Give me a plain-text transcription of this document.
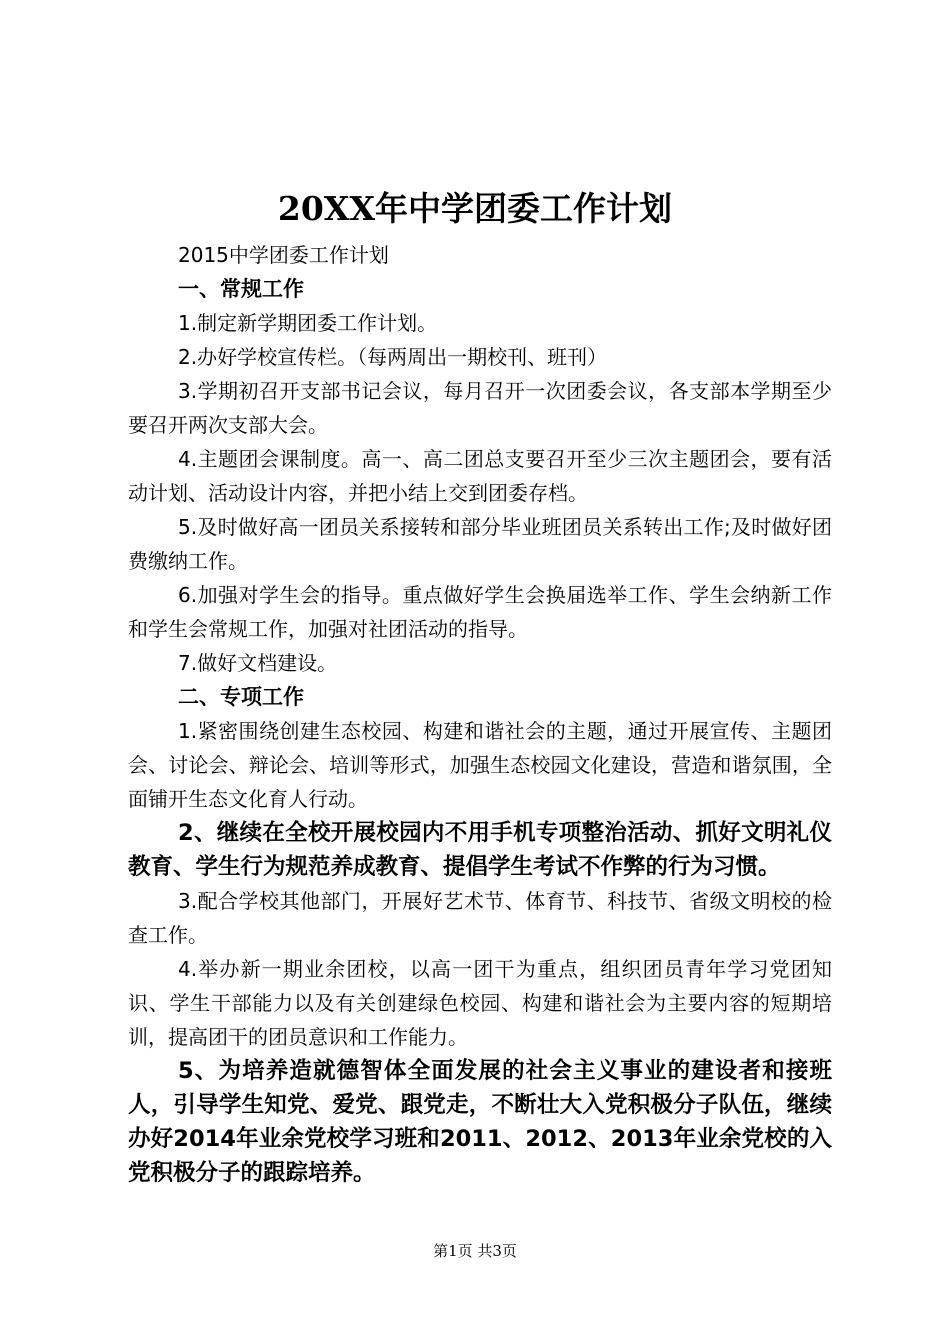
20XX年中学团委工作计划

2015中学团委工作计划

一、常规工作

1.制定新学期团委工作计划。

2.办好学校宣传栏。（每两周出一期校刊、班刊）

3.学期初召开支部书记会议，每月召开一次团委会议，各支部本学期至少要召开两次支部大会。

4.主题团会课制度。高一、高二团总支要召开至少三次主题团会，要有活动计划、活动设计内容，并把小结上交到团委存档。

5.及时做好高一团员关系接转和部分毕业班团员关系转出工作;及时做好团费缴纳工作。

6.加强对学生会的指导。重点做好学生会换届选举工作、学生会纳新工作和学生会常规工作，加强对社团活动的指导。

7.做好文档建设。

二、专项工作

1.紧密围绕创建生态校园、构建和谐社会的主题，通过开展宣传、主题团会、讨论会、辩论会、培训等形式，加强生态校园文化建设，营造和谐氛围，全面铺开生态文化育人行动。

2、继续在全校开展校园内不用手机专项整治活动、抓好文明礼仪教育、学生行为规范养成教育、提倡学生考试不作弊的行为习惯。

3.配合学校其他部门，开展好艺术节、体育节、科技节、省级文明校的检查工作。

4.举办新一期业余团校，以高一团干为重点，组织团员青年学习党团知识、学生干部能力以及有关创建绿色校园、构建和谐社会为主要内容的短期培训，提高团干的团员意识和工作能力。

5、为培养造就德智体全面发展的社会主义事业的建设者和接班人，引导学生知党、爱党、跟党走，不断壮大入党积极分子队伍，继续办好2014年业余党校学习班和2011、2012、2013年业余党校的入党积极分子的跟踪培养。

第1页 共3页
